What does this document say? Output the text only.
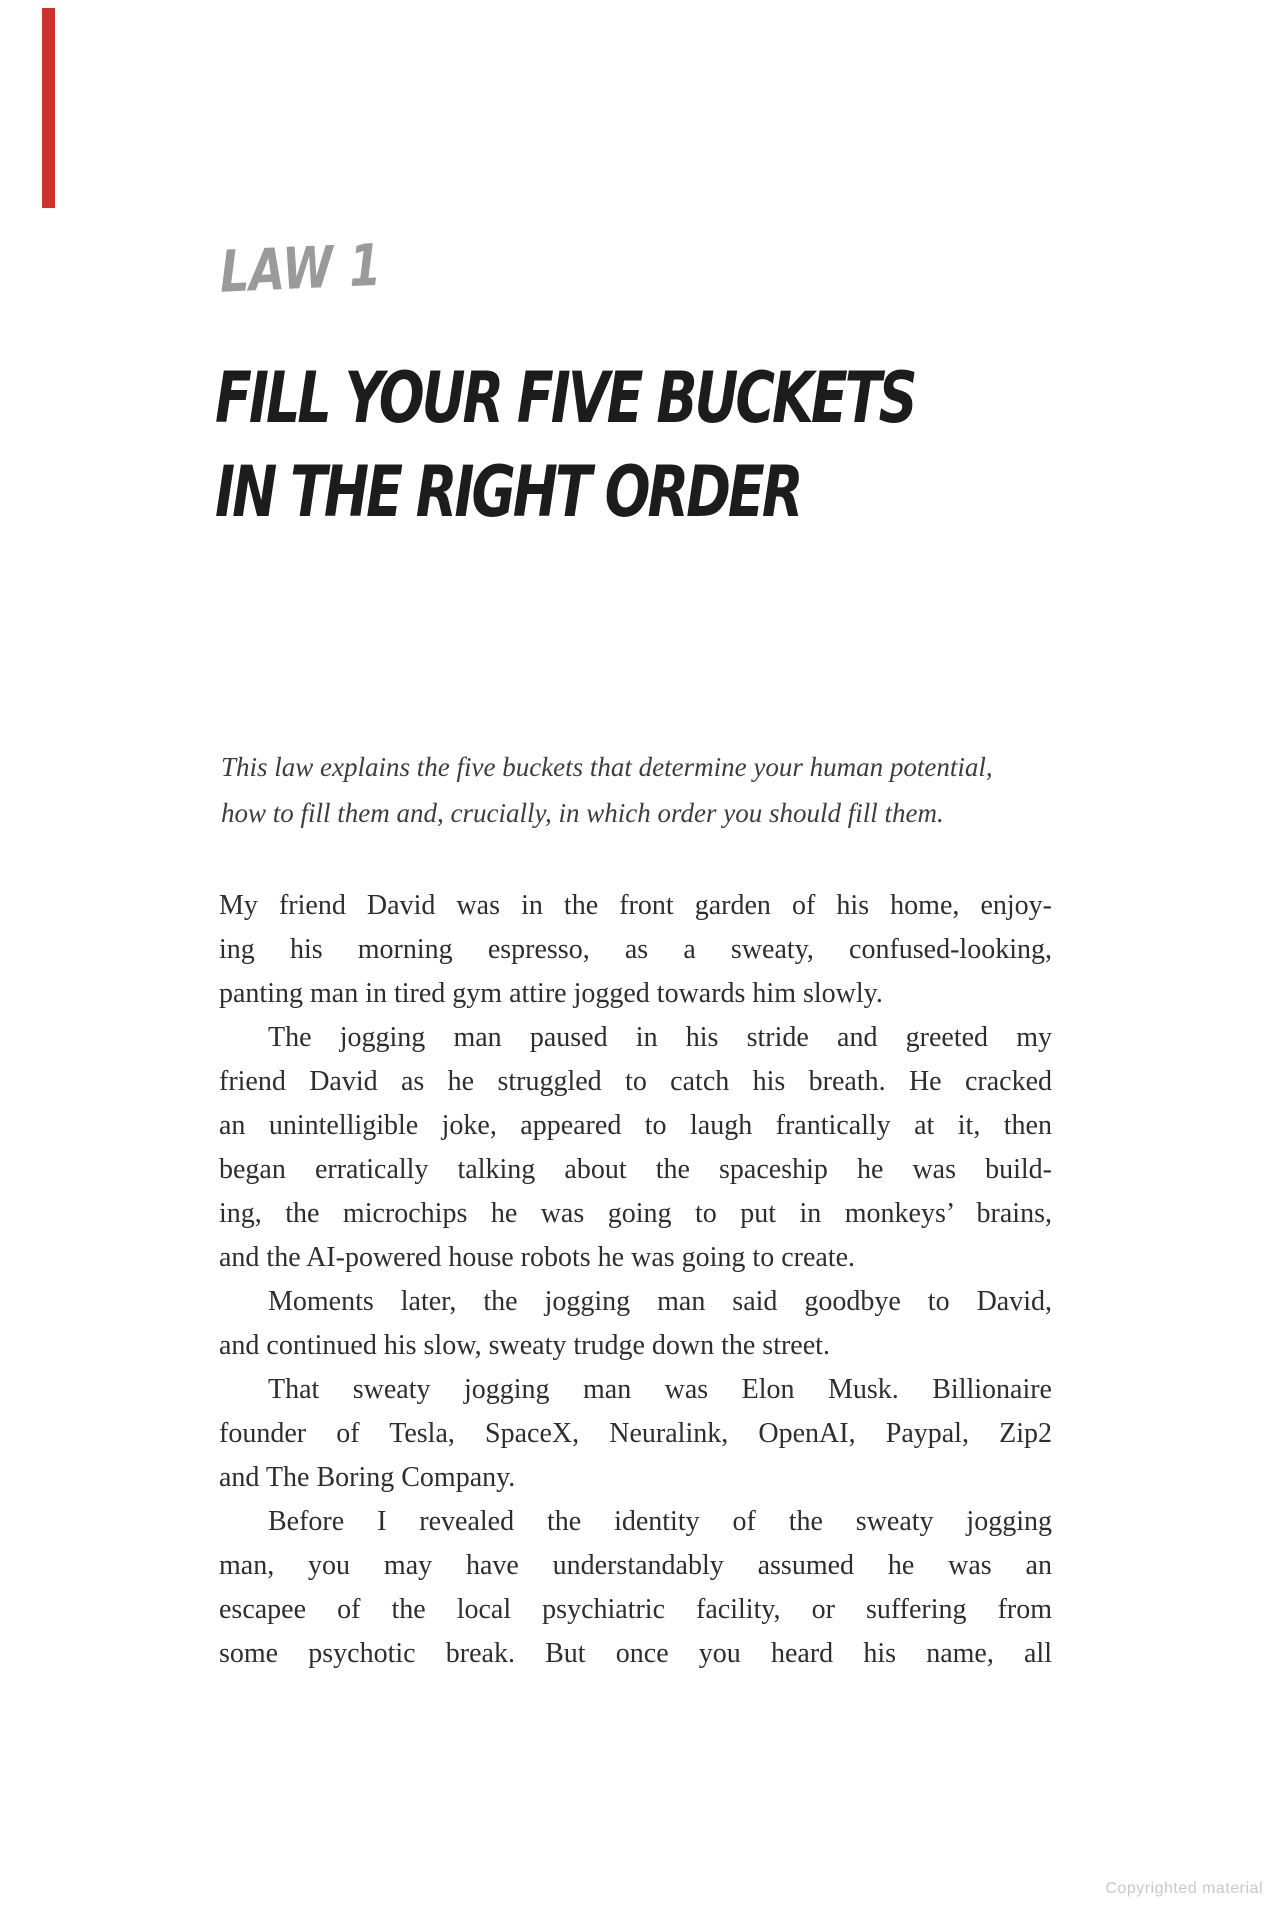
LAW 1
FILL YOUR FIVE BUCKETS
IN THE RIGHT ORDER
This law explains the five buckets that determine your human potential,
how to fill them and, crucially, in which order you should fill them.
My friend David was in the front garden of his home, enjoy-
ing his morning espresso, as a sweaty, confused-looking,
panting man in tired gym attire jogged towards him slowly.
The jogging man paused in his stride and greeted my
friend David as he struggled to catch his breath. He cracked
an unintelligible joke, appeared to laugh frantically at it, then
began erratically talking about the spaceship he was build-
ing, the microchips he was going to put in monkeys’ brains,
and the AI-powered house robots he was going to create.
Moments later, the jogging man said goodbye to David,
and continued his slow, sweaty trudge down the street.
That sweaty jogging man was Elon Musk. Billionaire
founder of Tesla, SpaceX, Neuralink, OpenAI, Paypal, Zip2
and The Boring Company.
Before I revealed the identity of the sweaty jogging
man, you may have understandably assumed he was an
escapee of the local psychiatric facility, or suffering from
some psychotic break. But once you heard his name, all
Copyrighted material
